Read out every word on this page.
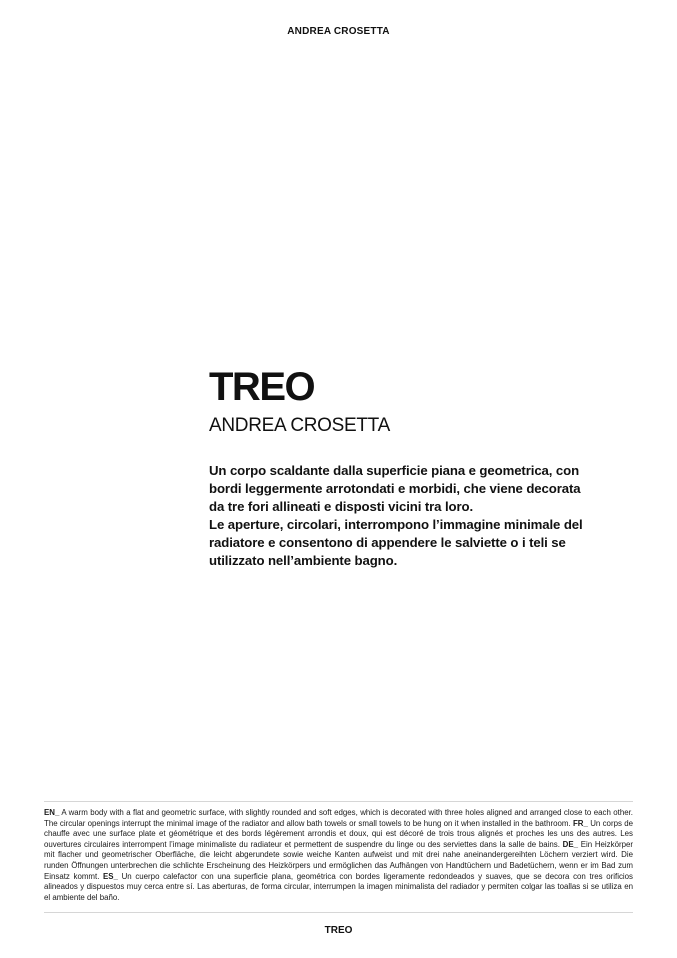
ANDREA CROSETTA
TREO
ANDREA CROSETTA

Un corpo scaldante dalla superficie piana e geometrica, con bordi leggermente arrotondati e morbidi, che viene decorata da tre fori allineati e disposti vicini tra loro.

Le aperture, circolari, interrompono l’immagine minimale del radiatore e consentono di appendere le salviette o i teli se utilizzato nell’ambiente bagno.

EN_ A warm body with a flat and geometric surface, with slightly rounded and soft edges, which is decorated with three holes aligned and arranged close to each other. The circular openings interrupt the minimal image of the radiator and allow bath towels or small towels to be hung on it when installed in the bathroom. FR_ Un corps de chauffe avec une surface plate et géométrique et des bords légèrement arrondis et doux, qui est décoré de trois trous alignés et proches les uns des autres. Les ouvertures circulaires interrompent l’image minimaliste du radiateur et permettent de suspendre du linge ou des serviettes dans la salle de bains. DE_ Ein Heizkörper mit flacher und geometrischer Oberfläche, die leicht abgerundete sowie weiche Kanten aufweist und mit drei nahe aneinandergereihten Löchern verziert wird. Die runden Öffnungen unterbrechen die schlichte Erscheinung des Heizkörpers und ermöglichen das Aufhängen von Handtüchern und Badetüchern, wenn er im Bad zum Einsatz kommt. ES_ Un cuerpo calefactor con una superficie plana, geométrica con bordes ligeramente redondeados y suaves, que se decora con tres orificios alineados y dispuestos muy cerca entre sí. Las aberturas, de forma circular, interrumpen la imagen minimalista del radiador y permiten colgar las toallas si se utiliza en el ambiente del baño.
TREO
